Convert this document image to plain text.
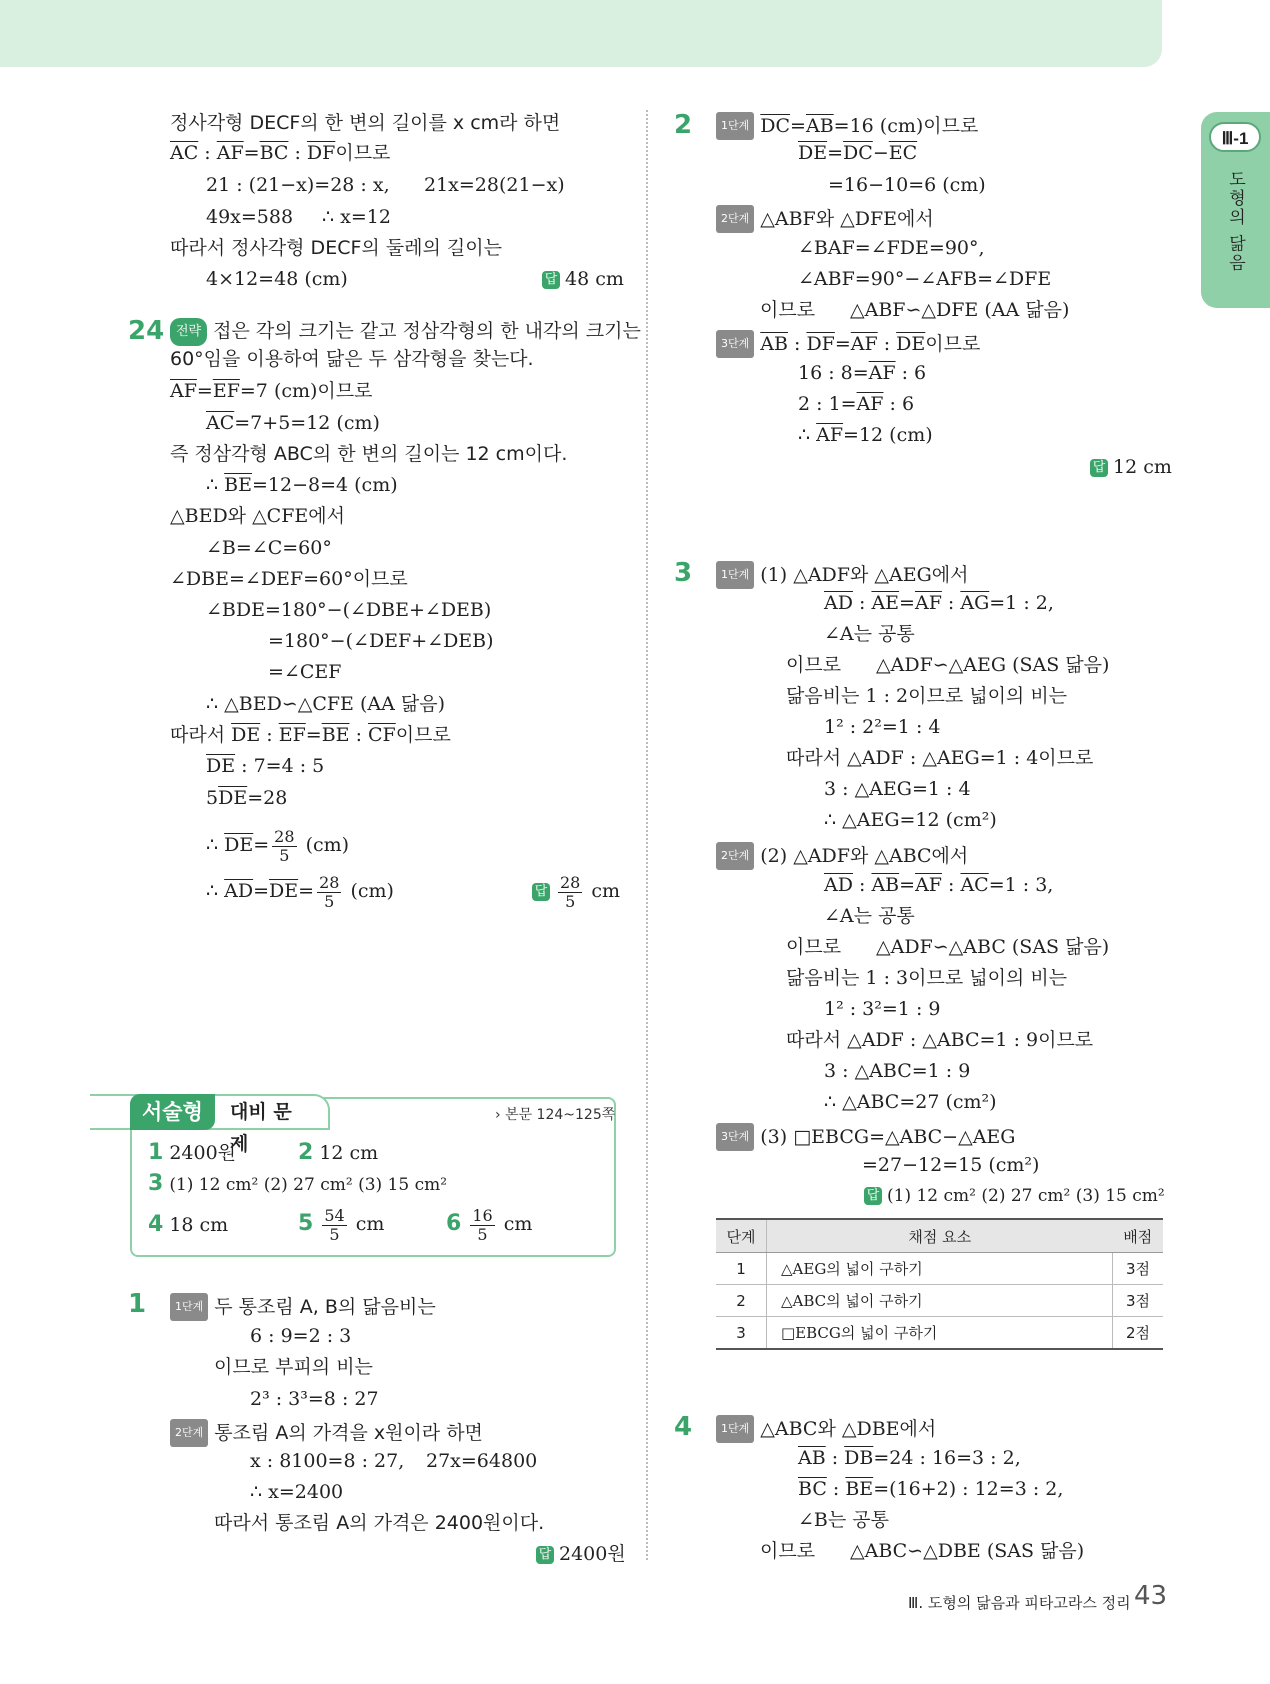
Ⅲ-1
도형의 닮음
정사각형 DECF의 한 변의 길이를 x cm라 하면
$\overline{AC}$ : $\overline{AF}=\overline{BC}$ : $\overline{DF}$이므로
21 : (21−x)=28 : x, 21x=28(21−x)
49x=588 ∴ x=12
따라서 정사각형 DECF의 둘레의 길이는
4×12=48 (cm)	답 48 cm
24 전략 접은 각의 크기는 같고 정삼각형의 한 내각의 크기는
60°임을 이용하여 닮은 두 삼각형을 찾는다.
$\overline{AF}=\overline{EF}=7$ (cm)이므로
$\overline{AC}=7+5=12$ (cm)
즉 정삼각형 ABC의 한 변의 길이는 12 cm이다.
∴ $\overline{BE}=12-8=4$ (cm)
△BED와 △CFE에서
∠B=∠C=60°
∠DBE=∠DEF=60°이므로
∠BDE=180°−(∠DBE+∠DEB)
=180°−(∠DEF+∠DEB)
=∠CEF
∴ △BED∽△CFE (AA 닮음)
따라서 $\overline{DE}$ : $\overline{EF}=\overline{BE}$ : $\overline{CF}$이므로
$\overline{DE}$ : 7=4 : 5
$5\overline{DE}=28$
∴ $\overline{DE}= \frac{28}{5} (cm)$
∴ $\overline{AD}=\overline{DE}= \frac{28}{5} (cm)$	답 $\frac{28}{5}$ cm
대비 문제
서술형	› 본문 124~125쪽
1 2400원	2 12 cm
3 (1) 12 cm² (2) 27 cm² (3) 15 cm²
4 18 cm	$5 \frac{54}{5}$ cm	$6 \frac{16}{5}$ cm
1	1단계 두 통조림 A, B의 닮음비는
6 : 9=2 : 3
이므로 부피의 비는
2³ : 3³=8 : 27
2단계 통조림 A의 가격을 x원이라 하면
x : 8100=8 : 27, 27x=64800
∴ x=2400
따라서 통조림 A의 가격은 2400원이다.
답 2400원
2	1단계 $\overline{DC}=\overline{AB}=16$ (cm)이므로
$\overline{DE}=\overline{DC}-\overline{EC}$
=16−10=6 (cm)
2단계 △ABF와 △DFE에서
∠BAF=∠FDE=90°,
∠ABF=90°−∠AFB=∠DFE
이므로 △ABF∽△DFE (AA 닮음)
3단계 $\overline{AB}$ : $\overline{DF}=\overline{AF}$ : $\overline{DE}$이므로
16 : $8=\overline{AF}$ : 6
2 : $1=\overline{AF}$ : 6
∴ $\overline{AF}=12$ (cm)
답 12 cm
3	1단계 (1) △ADF와 △AEG에서
$\overline{AD}$ : $\overline{AE}=\overline{AF}$ : $\overline{AG}=1$ : 2,
∠A는 공통
이므로 △ADF∽△AEG (SAS 닮음)
닮음비는 1 : 2이므로 넓이의 비는
1² : 2²=1 : 4
따라서 △ADF : △AEG=1 : 4이므로
3 : △AEG=1 : 4
∴ △AEG=12 (cm²)
2단계 (2) △ADF와 △ABC에서
$\overline{AD}$ : $\overline{AB}=\overline{AF}$ : $\overline{AC}=1$ : 3,
∠A는 공통
이므로 △ADF∽△ABC (SAS 닮음)
닮음비는 1 : 3이므로 넓이의 비는
1² : 3²=1 : 9
따라서 △ADF : △ABC=1 : 9이므로
3 : △ABC=1 : 9
∴ △ABC=27 (cm²)
3단계 (3) □EBCG=△ABC−△AEG
=27−12=15 (cm²)
답 (1) 12 cm² (2) 27 cm² (3) 15 cm²
단계	채점 요소	배점
1	△AEG의 넓이 구하기	3점
2	△ABC의 넓이 구하기	3점
3	□EBCG의 넓이 구하기	2점
4	1단계 △ABC와 △DBE에서
$\overline{AB}$ : $\overline{DB}=24$ : 16=3 : 2,
$\overline{BC}$ : $\overline{BE}=(16+2)$ : 12=3 : 2,
∠B는 공통
이므로 △ABC∽△DBE (SAS 닮음)
Ⅲ. 도형의 닮음과 피타고라스 정리 43
